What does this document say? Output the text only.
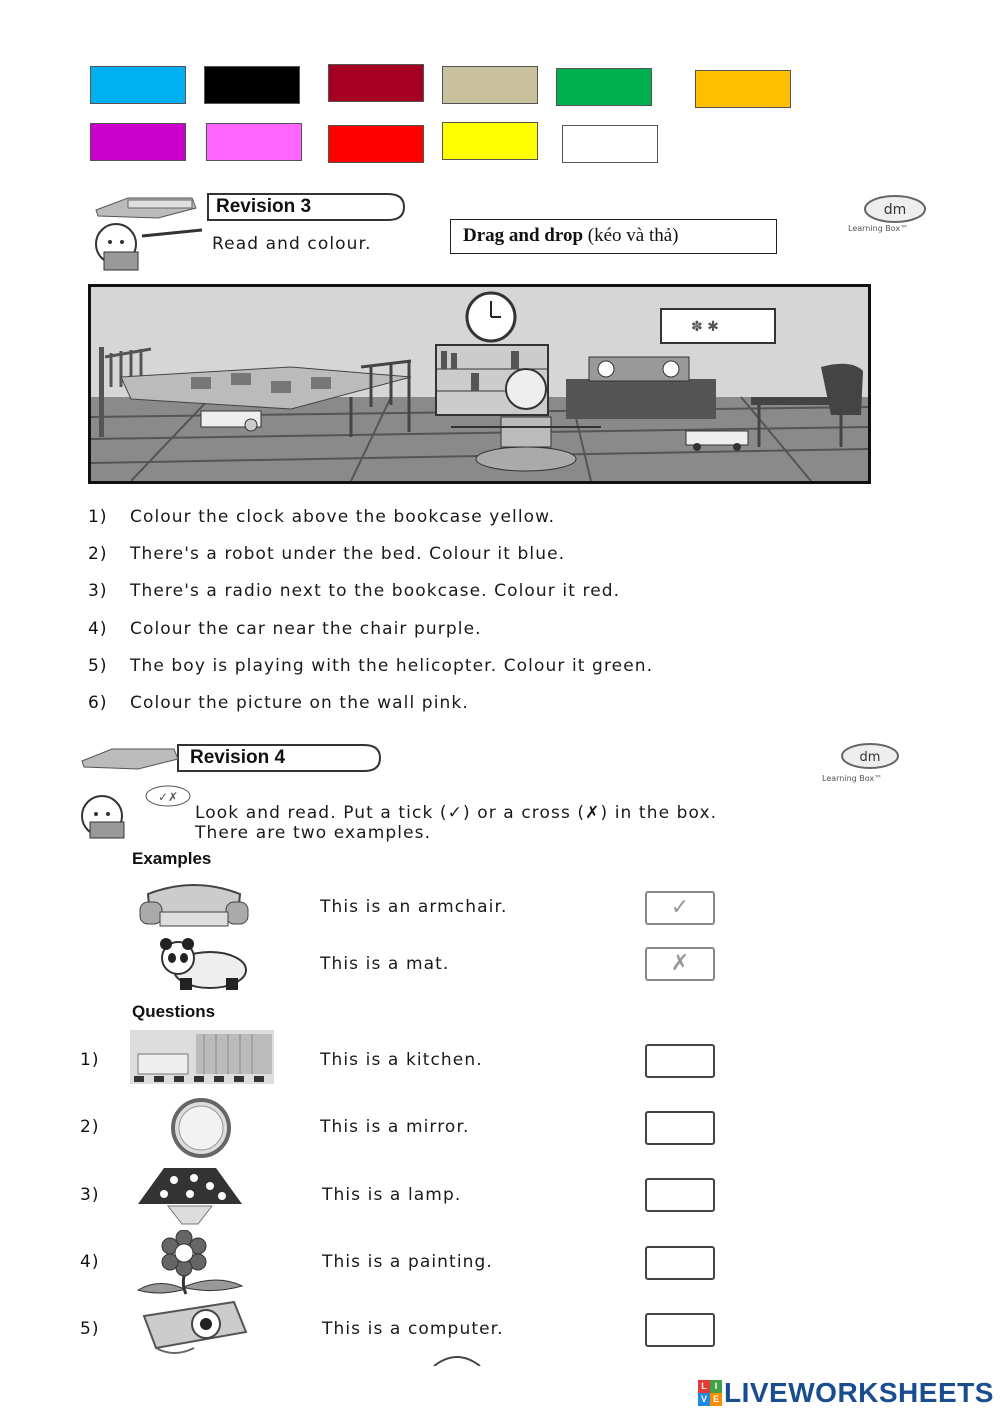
Revision 3
Read and colour.	Drag and drop (kéo và thả)
dm
Learning Box™
✽ ✱
1) Colour the clock above the bookcase yellow.
2) There's a robot under the bed. Colour it blue.
3) There's a radio next to the bookcase. Colour it red.
4) Colour the car near the chair purple.
5) The boy is playing with the helicopter. Colour it green.
6) Colour the picture on the wall pink.
Revision 4	dm
Learning Box™
✓✗
Look and read. Put a tick (✓) or a cross (✗) in the box.
There are two examples.
Examples
This is an armchair.	✓
This is a mat.	✗
Questions
1)	This is a kitchen.
2)	This is a mirror.
3)	This is a lamp.
4)	This is a painting.
5)	This is a computer.
L I
V E LIVEWORKSHEETS
